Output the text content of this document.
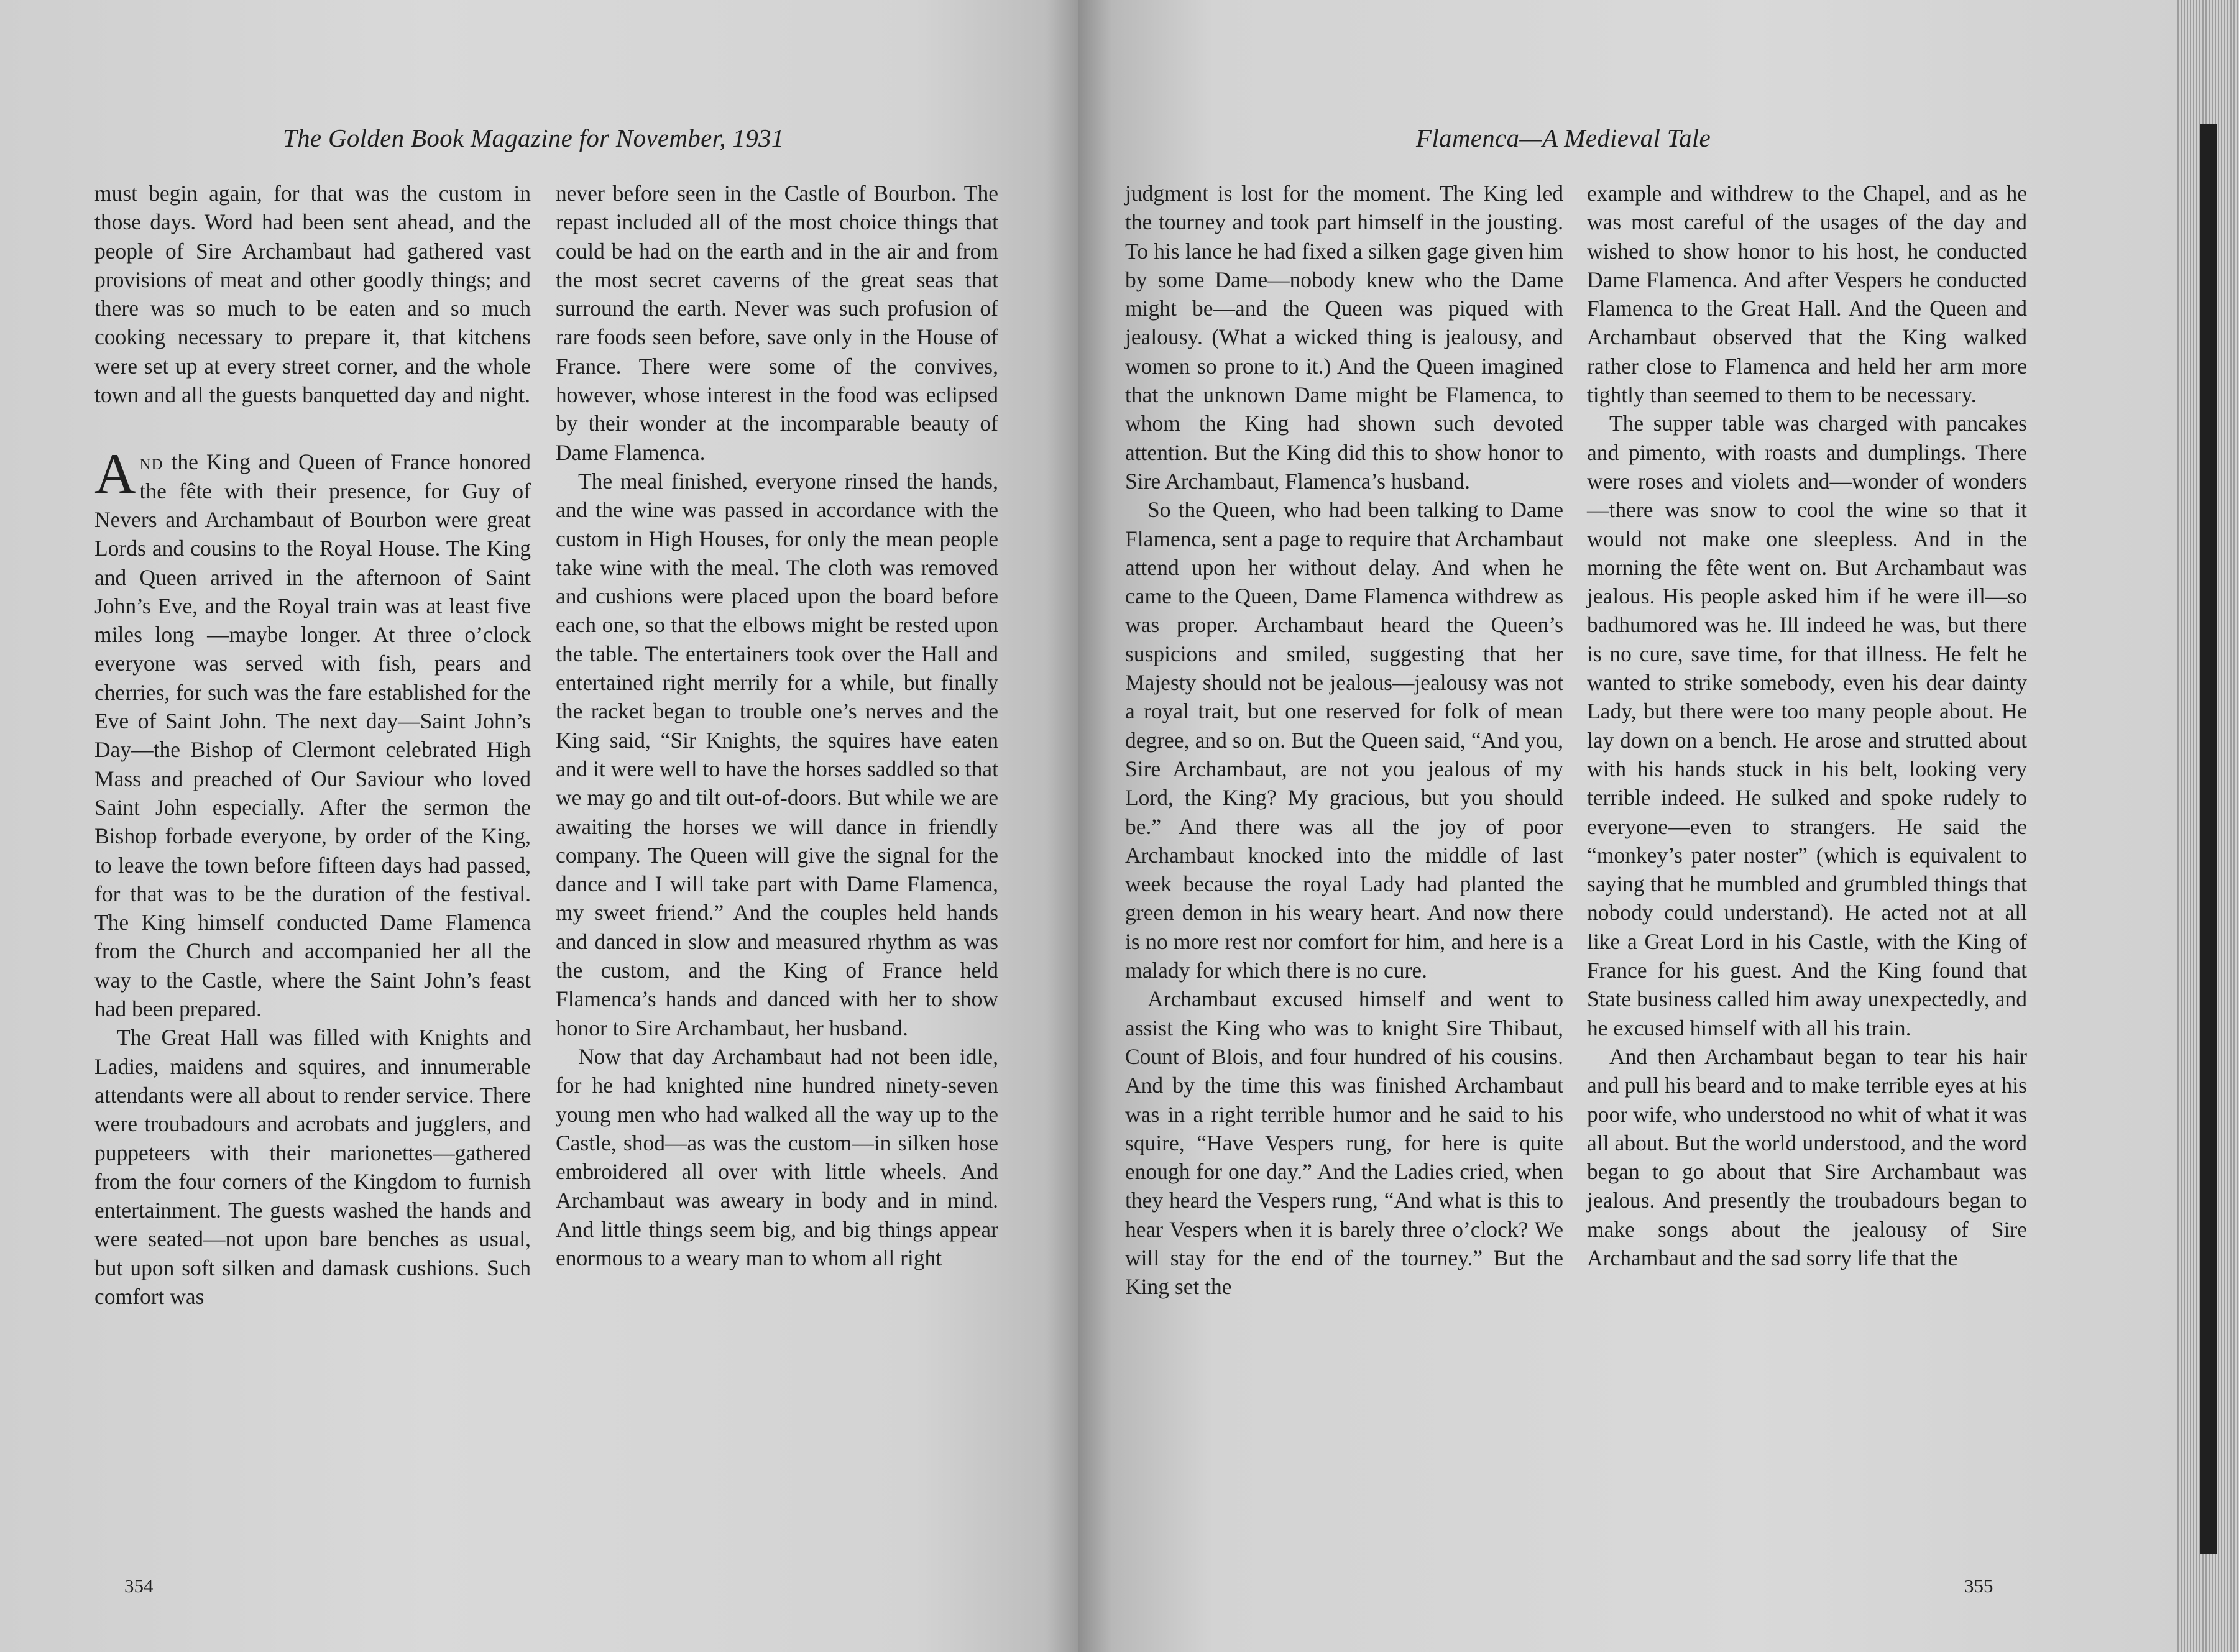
The Golden Book Magazine for November, 1931

must begin again, for that was the custom in those days. Word had been sent ahead, and the people of Sire Archambaut had gathered vast provisions of meat and other goodly things; and there was so much to be eaten and so much cooking necessary to prepare it, that kitchens were set up at every street corner, and the whole town and all the guests banquetted day and night.

And the King and Queen of France honored the fête with their presence, for Guy of Nevers and Archambaut of Bourbon were great Lords and cousins to the Royal House. The King and Queen arrived in the afternoon of Saint John’s Eve, and the Royal train was at least five miles long —maybe longer. At three o’clock everyone was served with fish, pears and cherries, for such was the fare established for the Eve of Saint John. The next day—Saint John’s Day—the Bishop of Clermont celebrated High Mass and preached of Our Saviour who loved Saint John especially. After the sermon the Bishop forbade everyone, by order of the King, to leave the town before fifteen days had passed, for that was to be the duration of the festival. The King himself conducted Dame Flamenca from the Church and accompanied her all the way to the Castle, where the Saint John’s feast had been prepared.

The Great Hall was filled with Knights and Ladies, maidens and squires, and innumerable attendants were all about to render service. There were troubadours and acrobats and jugglers, and puppeteers with their marionettes—gathered from the four corners of the Kingdom to furnish entertainment. The guests washed the hands and were seated—not upon bare benches as usual, but upon soft silken and damask cushions. Such comfort was

never before seen in the Castle of Bourbon. The repast included all of the most choice things that could be had on the earth and in the air and from the most secret caverns of the great seas that surround the earth. Never was such profusion of rare foods seen before, save only in the House of France. There were some of the convives, however, whose interest in the food was eclipsed by their wonder at the incomparable beauty of Dame Flamenca.

The meal finished, everyone rinsed the hands, and the wine was passed in accordance with the custom in High Houses, for only the mean people take wine with the meal. The cloth was removed and cushions were placed upon the board before each one, so that the elbows might be rested upon the table. The entertainers took over the Hall and entertained right merrily for a while, but finally the racket began to trouble one’s nerves and the King said, “Sir Knights, the squires have eaten and it were well to have the horses saddled so that we may go and tilt out-of-doors. But while we are awaiting the horses we will dance in friendly company. The Queen will give the signal for the dance and I will take part with Dame Flamenca, my sweet friend.” And the couples held hands and danced in slow and measured rhythm as was the custom, and the King of France held Flamenca’s hands and danced with her to show honor to Sire Archambaut, her husband.

Now that day Archambaut had not been idle, for he had knighted nine hundred ninety-seven young men who had walked all the way up to the Castle, shod—as was the custom—in silken hose embroidered all over with little wheels. And Archambaut was aweary in body and in mind. And little things seem big, and big things appear enormous to a weary man to whom all right

354
Flamenca—A Medieval Tale

judgment is lost for the moment. The King led the tourney and took part himself in the jousting. To his lance he had fixed a silken gage given him by some Dame—nobody knew who the Dame might be—and the Queen was piqued with jealousy. (What a wicked thing is jealousy, and women so prone to it.) And the Queen imagined that the unknown Dame might be Flamenca, to whom the King had shown such devoted attention. But the King did this to show honor to Sire Archambaut, Flamenca’s husband.

So the Queen, who had been talking to Dame Flamenca, sent a page to require that Archambaut attend upon her without delay. And when he came to the Queen, Dame Flamenca withdrew as was proper. Archambaut heard the Queen’s suspicions and smiled, suggesting that her Majesty should not be jealous—jealousy was not a royal trait, but one reserved for folk of mean degree, and so on. But the Queen said, “And you, Sire Archambaut, are not you jealous of my Lord, the King? My gracious, but you should be.” And there was all the joy of poor Archambaut knocked into the middle of last week because the royal Lady had planted the green demon in his weary heart. And now there is no more rest nor comfort for him, and here is a malady for which there is no cure.

Archambaut excused himself and went to assist the King who was to knight Sire Thibaut, Count of Blois, and four hundred of his cousins. And by the time this was finished Archambaut was in a right terrible humor and he said to his squire, “Have Vespers rung, for here is quite enough for one day.” And the Ladies cried, when they heard the Vespers rung, “And what is this to hear Vespers when it is barely three o’clock? We will stay for the end of the tourney.” But the King set the

example and withdrew to the Chapel, and as he was most careful of the usages of the day and wished to show honor to his host, he conducted Dame Flamenca. And after Vespers he conducted Flamenca to the Great Hall. And the Queen and Archambaut observed that the King walked rather close to Flamenca and held her arm more tightly than seemed to them to be necessary.

The supper table was charged with pancakes and pimento, with roasts and dumplings. There were roses and violets and—wonder of wonders—there was snow to cool the wine so that it would not make one sleepless. And in the morning the fête went on. But Archambaut was jealous. His people asked him if he were ill—so badhumored was he. Ill indeed he was, but there is no cure, save time, for that illness. He felt he wanted to strike somebody, even his dear dainty Lady, but there were too many people about. He lay down on a bench. He arose and strutted about with his hands stuck in his belt, looking very terrible indeed. He sulked and spoke rudely to everyone—even to strangers. He said the “monkey’s pater noster” (which is equivalent to saying that he mumbled and grumbled things that nobody could understand). He acted not at all like a Great Lord in his Castle, with the King of France for his guest. And the King found that State business called him away unexpectedly, and he excused himself with all his train.

And then Archambaut began to tear his hair and pull his beard and to make terrible eyes at his poor wife, who understood no whit of what it was all about. But the world understood, and the word began to go about that Sire Archambaut was jealous. And presently the troubadours began to make songs about the jealousy of Sire Archambaut and the sad sorry life that the

355
